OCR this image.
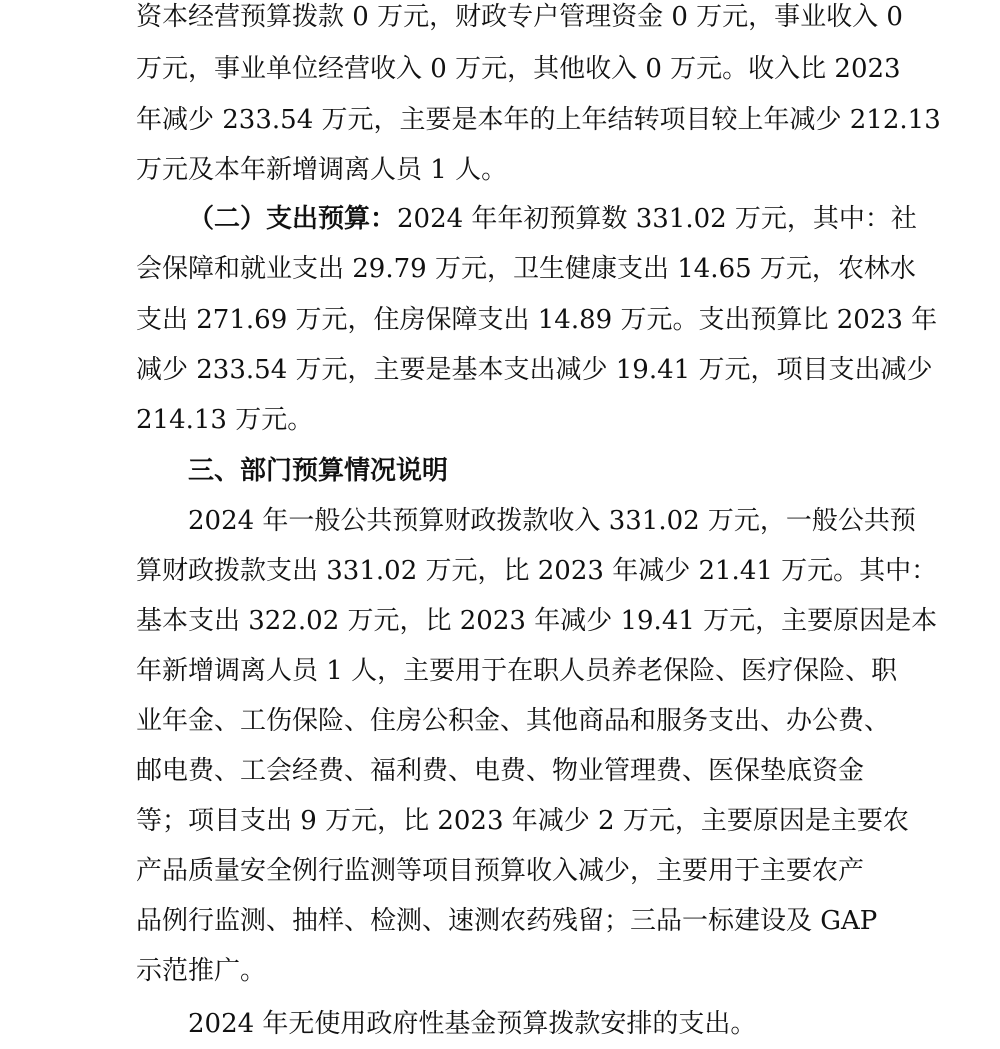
资本经营预算拨款 0 万元，财政专户管理资金 0 万元，事业收入 0
万元，事业单位经营收入 0 万元，其他收入 0 万元。收入比 2023
年减少 233.54 万元，主要是本年的上年结转项目较上年减少 212.13
万元及本年新增调离人员 1 人。
（二）支出预算： 2024 年年初预算数 331.02 万元，其中：社
会保障和就业支出 29.79 万元，卫生健康支出 14.65 万元，农林水
支出 271.69 万元，住房保障支出 14.89 万元。支出预算比 2023 年
减少 233.54 万元，主要是基本支出减少 19.41 万元，项目支出减少
214.13 万元。
三、部门预算情况说明
2024 年一般公共预算财政拨款收入 331.02 万元，一般公共预
算财政拨款支出 331.02 万元，比 2023 年减少 21.41 万元。其中：
基本支出 322.02 万元，比 2023 年减少 19.41 万元，主要原因是本
年新增调离人员 1 人，主要用于在职人员养老保险、医疗保险、职
业年金、工伤保险、住房公积金、其他商品和服务支出、办公费、
邮电费、工会经费、福利费、电费、物业管理费、医保垫底资金
等；项目支出 9 万元，比 2023 年减少 2 万元，主要原因是主要农
产品质量安全例行监测等项目预算收入减少，主要用于主要农产
品例行监测、抽样、检测、速测农药残留；三品一标建设及 GAP
示范推广。
2024 年无使用政府性基金预算拨款安排的支出。
